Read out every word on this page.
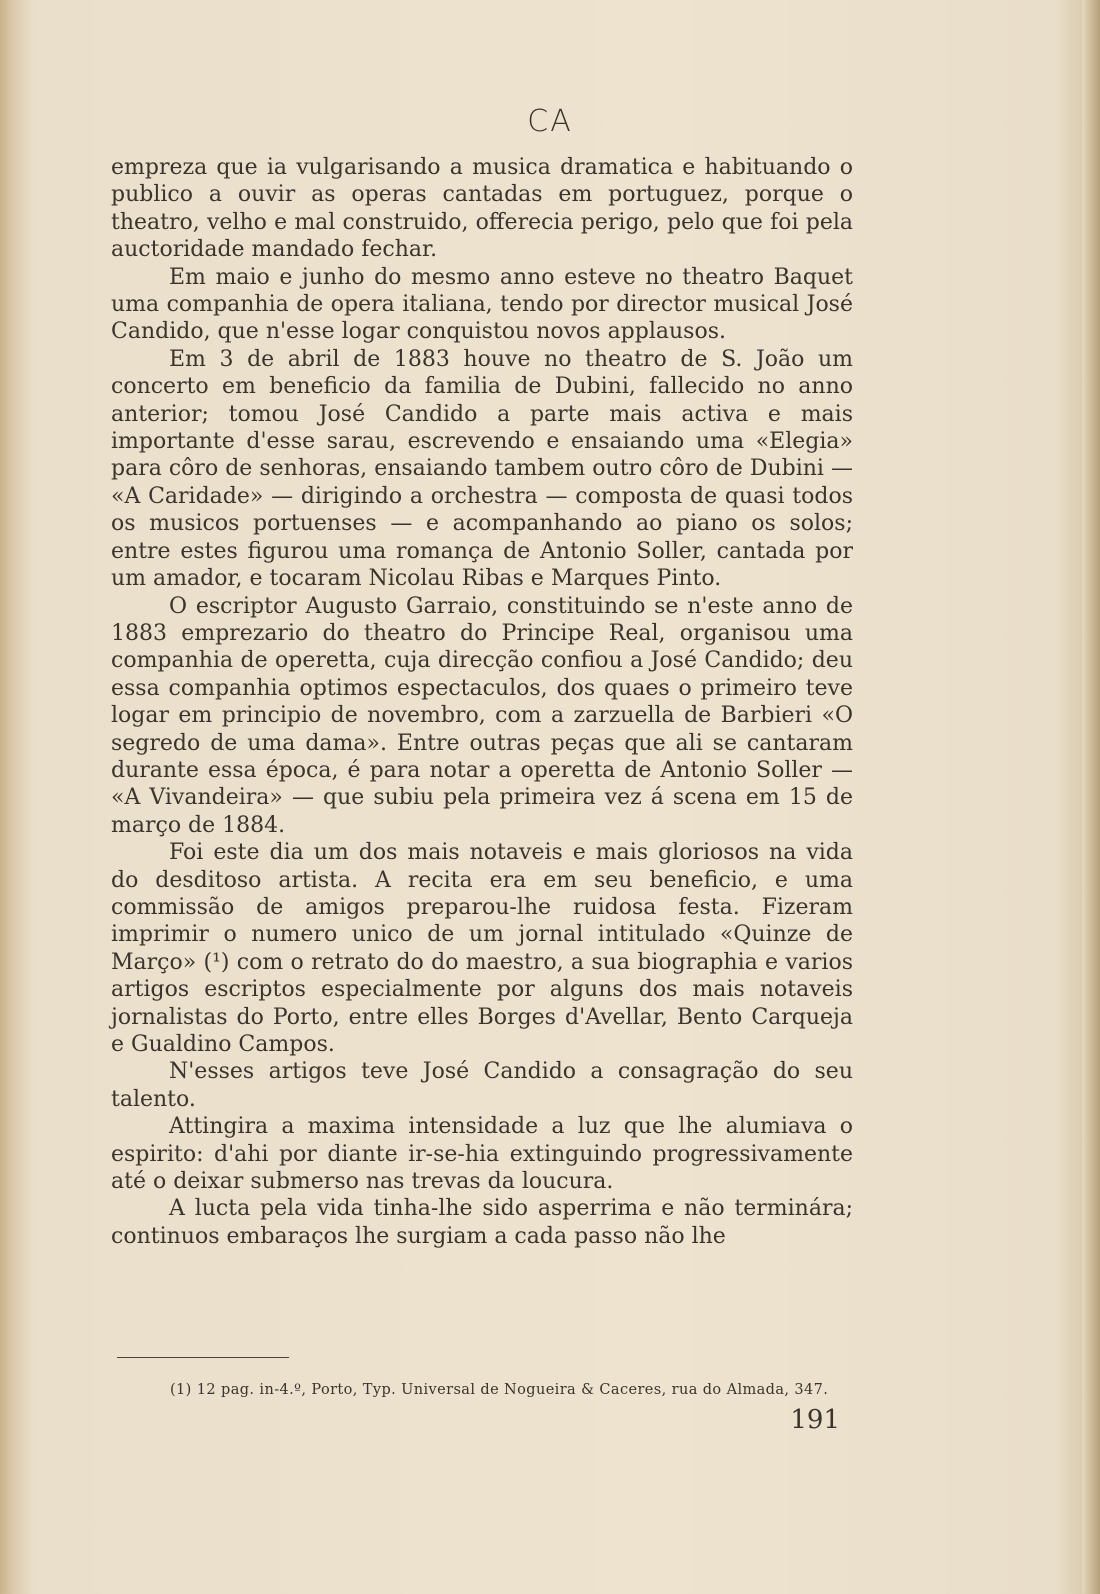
CA

empreza que ia vulgarisando a musica dramatica e habituando o publico a ouvir as operas cantadas em portuguez, porque o theatro, velho e mal construido, offerecia perigo, pelo que foi pela auctoridade mandado fechar.

Em maio e junho do mesmo anno esteve no theatro Baquet uma companhia de opera italiana, tendo por director musical José Candido, que n'esse logar conquistou novos applausos.

Em 3 de abril de 1883 houve no theatro de S. João um concerto em beneficio da familia de Dubini, fallecido no anno anterior; tomou José Candido a parte mais activa e mais importante d'esse sarau, escrevendo e ensaiando uma «Elegia» para côro de senhoras, ensaiando tambem outro côro de Dubini — «A Caridade» — dirigindo a orchestra — composta de quasi todos os musicos portuenses — e acompanhando ao piano os solos; entre estes figurou uma romança de Antonio Soller, cantada por um amador, e tocaram Nicolau Ribas e Marques Pinto.

O escriptor Augusto Garraio, constituindo se n'este anno de 1883 emprezario do theatro do Principe Real, organisou uma companhia de operetta, cuja direcção confiou a José Candido; deu essa companhia optimos espectaculos, dos quaes o primeiro teve logar em principio de novembro, com a zarzuella de Barbieri «O segredo de uma dama». Entre outras peças que ali se cantaram durante essa época, é para notar a operetta de Antonio Soller — «A Vivandeira» — que subiu pela primeira vez á scena em 15 de março de 1884.

Foi este dia um dos mais notaveis e mais gloriosos na vida do desditoso artista. A recita era em seu beneficio, e uma commissão de amigos preparou-lhe ruidosa festa. Fizeram imprimir o numero unico de um jornal intitulado «Quinze de Março» (¹) com o retrato do do maestro, a sua biographia e varios artigos escriptos especialmente por alguns dos mais notaveis jornalistas do Porto, entre elles Borges d'Avellar, Bento Carqueja e Gualdino Campos.

N'esses artigos teve José Candido a consagração do seu talento.

Attingira a maxima intensidade a luz que lhe alumiava o espirito: d'ahi por diante ir-se-hia extinguindo progressivamente até o deixar submerso nas trevas da loucura.

A lucta pela vida tinha-lhe sido asperrima e não terminára; continuos embaraços lhe surgiam a cada passo não lhe

(1) 12 pag. in-4.º, Porto, Typ. Universal de Nogueira & Caceres, rua do Almada, 347.
191
